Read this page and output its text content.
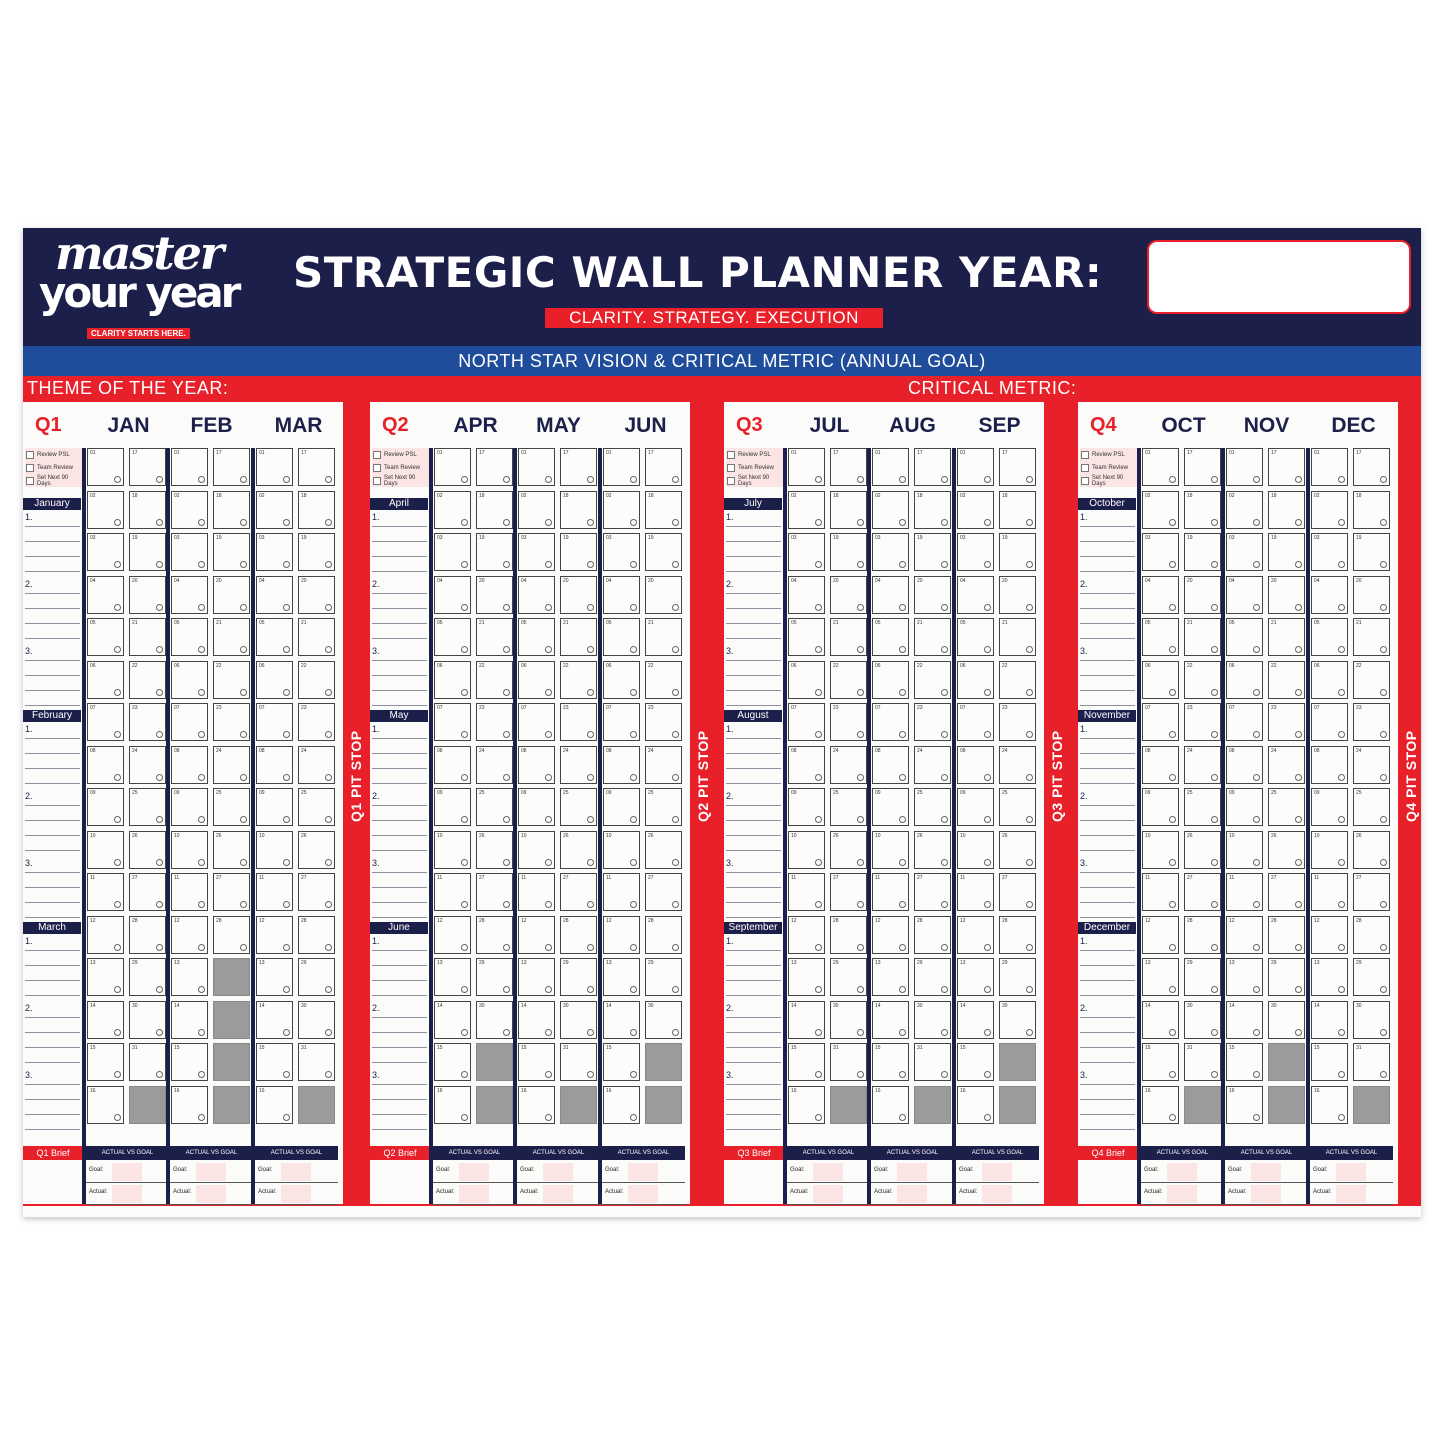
master
your year
CLARITY STARTS HERE.
STRATEGIC WALL PLANNER YEAR:
CLARITY. STRATEGY. EXECUTION
NORTH STAR VISION & CRITICAL METRIC (ANNUAL GOAL)
THEME OF THE YEAR:	CRITICAL METRIC:
Q1
Review PSL
Team Review
Set Next 90 Days
January
1.
2.
3.
February
1.
2.
3.
March
1.
2.
3.
Q1 Brief
JAN
01	17
02	18
03	19
04	20
05	21
06	22
07	23
08	24
09	25
10	26
11	27
12	28
13	29
14	30
15	31
16
ACTUAL VS GOAL
Goal:
Actual:
FEB
01	17
02	18
03	19
04	20
05	21
06	22
07	23
08	24
09	25
10	26
11	27
12	28
13
14
15
16
ACTUAL VS GOAL
Goal:
Actual:
MAR
01	17
02	18
03	19
04	20
05	21
06	22
07	23
08	24
09	25
10	26
11	27
12	28
13	29
14	30
15	31
16
ACTUAL VS GOAL
Goal:
Actual:
Q1 PIT STOP
Q2
Review PSL
Team Review
Set Next 90 Days
April
1.
2.
3.
May
1.
2.
3.
June
1.
2.
3.
Q2 Brief
APR
01	17
02	18
03	19
04	20
05	21
06	22
07	23
08	24
09	25
10	26
11	27
12	28
13	29
14	30
15
16
ACTUAL VS GOAL
Goal:
Actual:
MAY
01	17
02	18
03	19
04	20
05	21
06	22
07	23
08	24
09	25
10	26
11	27
12	28
13	29
14	30
15	31
16
ACTUAL VS GOAL
Goal:
Actual:
JUN
01	17
02	18
03	19
04	20
05	21
06	22
07	23
08	24
09	25
10	26
11	27
12	28
13	29
14	30
15
16
ACTUAL VS GOAL
Goal:
Actual:
Q2 PIT STOP
Q3
Review PSL
Team Review
Set Next 90 Days
July
1.
2.
3.
August
1.
2.
3.
September
1.
2.
3.
Q3 Brief
JUL
01	17
02	18
03	19
04	20
05	21
06	22
07	23
08	24
09	25
10	26
11	27
12	28
13	29
14	30
15	31
16
ACTUAL VS GOAL
Goal:
Actual:
AUG
01	17
02	18
03	19
04	20
05	21
06	22
07	23
08	24
09	25
10	26
11	27
12	28
13	29
14	30
15	31
16
ACTUAL VS GOAL
Goal:
Actual:
SEP
01	17
02	18
03	19
04	20
05	21
06	22
07	23
08	24
09	25
10	26
11	27
12	28
13	29
14	30
15
16
ACTUAL VS GOAL
Goal:
Actual:
Q3 PIT STOP
Q4
Review PSL
Team Review
Set Next 90 Days
October
1.
2.
3.
November
1.
2.
3.
December
1.
2.
3.
Q4 Brief
OCT
01	17
02	18
03	19
04	20
05	21
06	22
07	23
08	24
09	25
10	26
11	27
12	28
13	29
14	30
15	31
16
ACTUAL VS GOAL
Goal:
Actual:
NOV
01	17
02	18
03	19
04	20
05	21
06	22
07	23
08	24
09	25
10	26
11	27
12	28
13	29
14	30
15
16
ACTUAL VS GOAL
Goal:
Actual:
DEC
01	17
02	18
03	19
04	20
05	21
06	22
07	23
08	24
09	25
10	26
11	27
12	28
13	29
14	30
15	31
16
ACTUAL VS GOAL
Goal:
Actual:
Q4 PIT STOP
